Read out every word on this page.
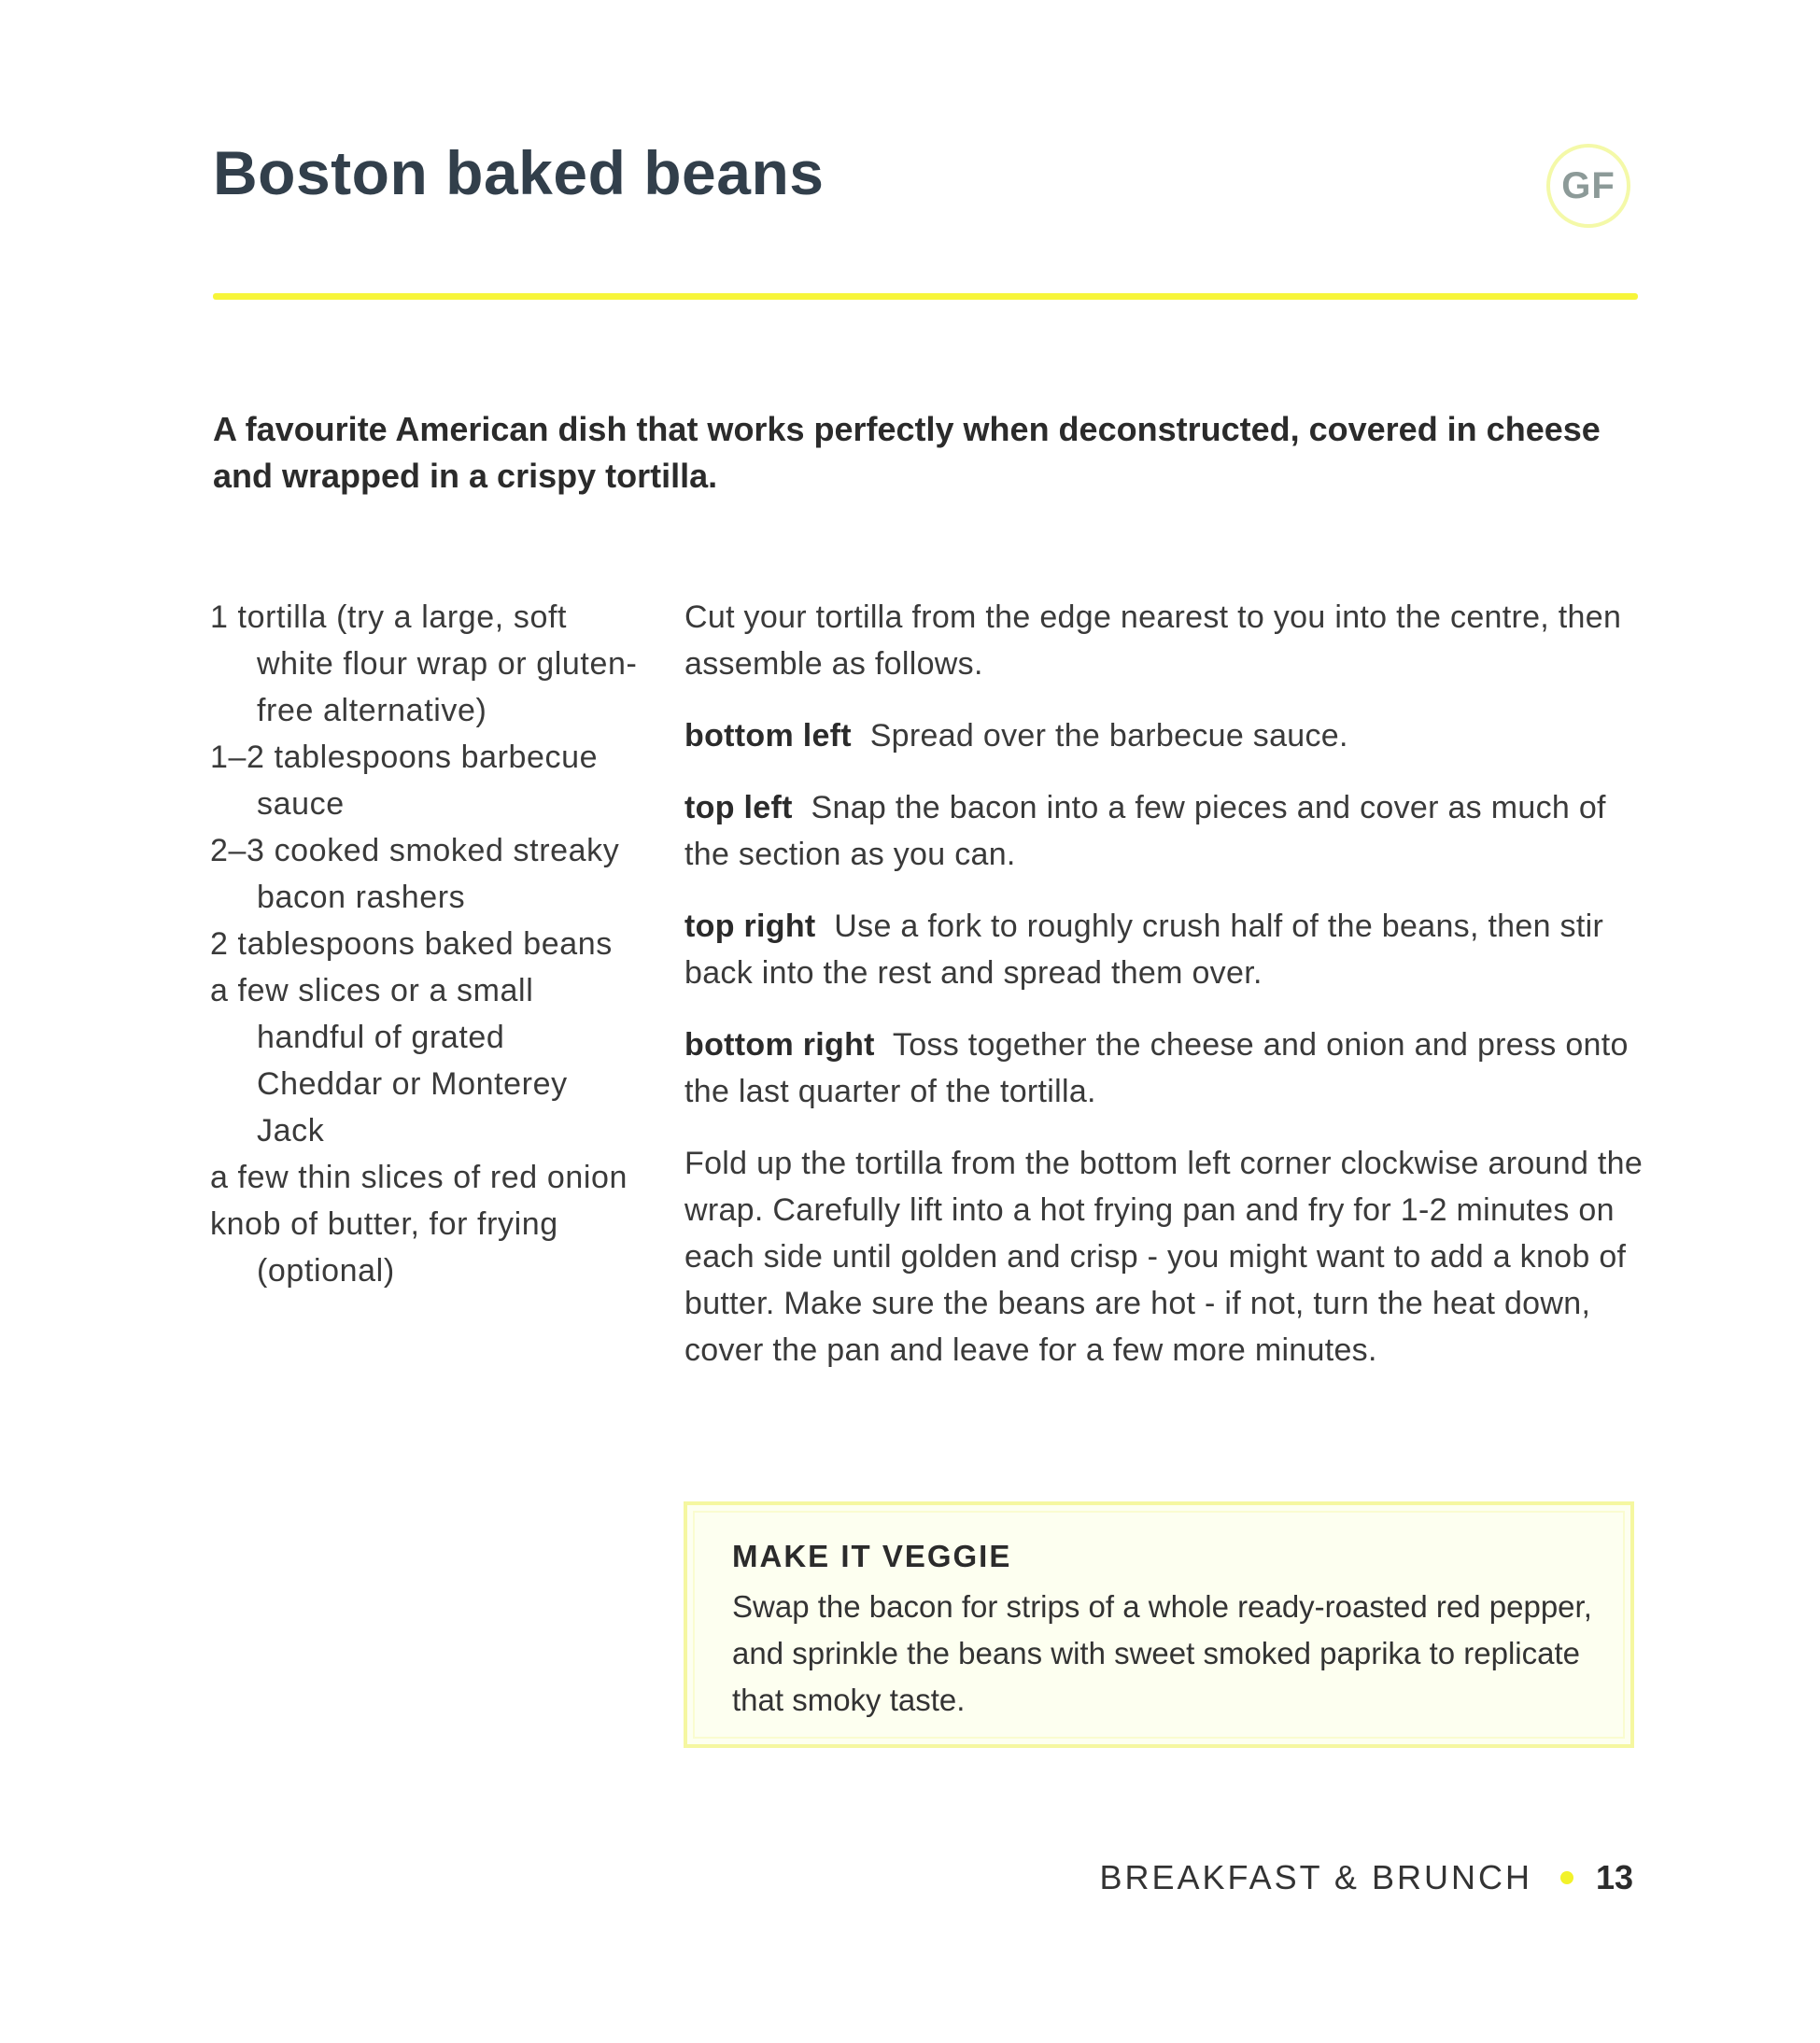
Boston baked beans	GF

A favourite American dish that works perfectly when deconstructed, covered in cheese and wrapped in a crispy tortilla.

1 tortilla (try a large, soft white flour wrap or gluten-free alternative)
1–2 tablespoons barbecue sauce
2–3 cooked smoked streaky bacon rashers
2 tablespoons baked beans
a few slices or a small handful of grated Cheddar or Monterey Jack
a few thin slices of red onion
knob of butter, for frying (optional)

Cut your tortilla from the edge nearest to you into the centre, then assemble as follows.

bottom left Spread over the barbecue sauce.

top left Snap the bacon into a few pieces and cover as much of the section as you can.

top right Use a fork to roughly crush half of the beans, then stir back into the rest and spread them over.

bottom right Toss together the cheese and onion and press onto the last quarter of the tortilla.

Fold up the tortilla from the bottom left corner clockwise around the wrap. Carefully lift into a hot frying pan and fry for 1-2 minutes on each side until golden and crisp - you might want to add a knob of butter. Make sure the beans are hot - if not, turn the heat down, cover the pan and leave for a few more minutes.

MAKE IT VEGGIE

Swap the bacon for strips of a whole ready-roasted red pepper, and sprinkle the beans with sweet smoked paprika to replicate that smoky taste.

BREAKFAST & BRUNCH 13
